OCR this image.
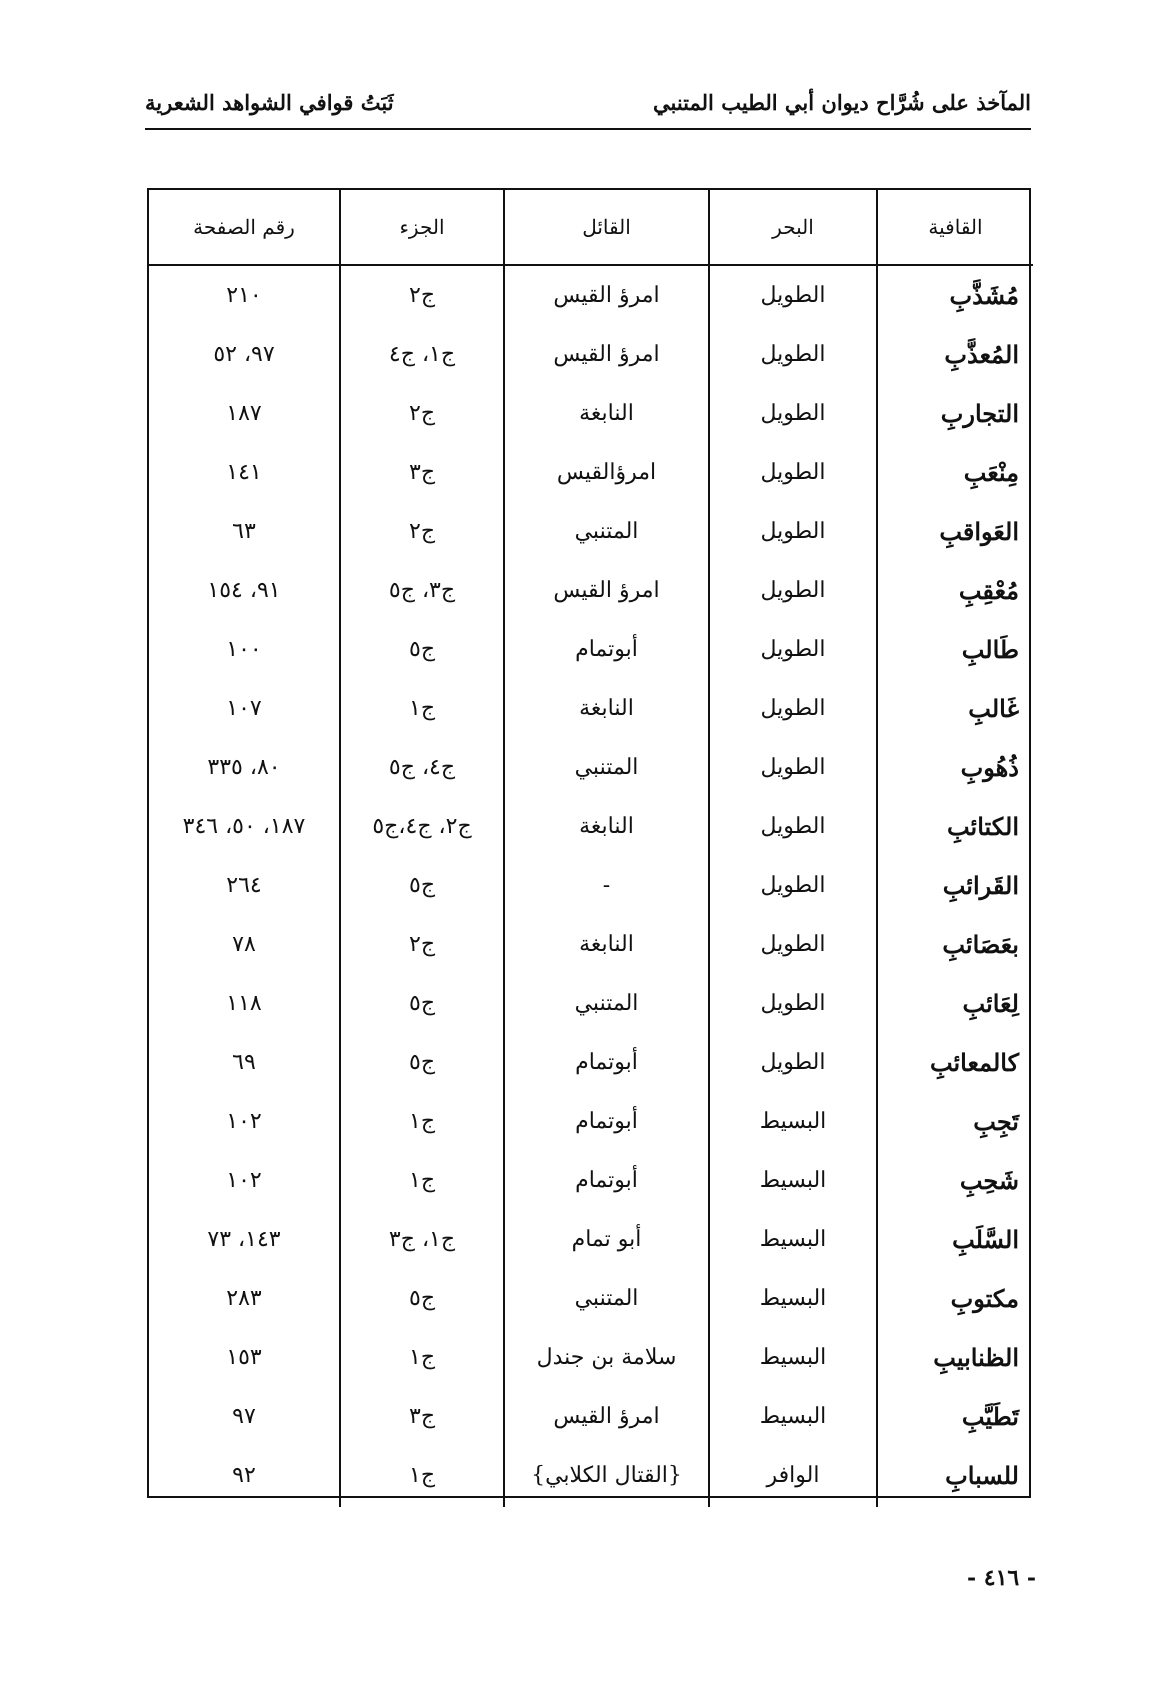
المآخذ على شُرَّاح ديوان أبي الطيب المتنبي
ثَبَتُ قوافي الشواهد الشعرية
القافية	البحر	القائل	الجزء	رقم الصفحة
مُشَذَّبِ	الطويل	امرؤ القيس	ج٢	٢١٠
المُعذَّبِ	الطويل	امرؤ القيس	ج١، ج٤	٩٧، ٥٢
التجاربِ	الطويل	النابغة	ج٢	١٨٧
مِنْعَبِ	الطويل	امرؤالقيس	ج٣	١٤١
العَواقبِ	الطويل	المتنبي	ج٢	٦٣
مُعْقِبِ	الطويل	امرؤ القيس	ج٣، ج٥	٩١، ١٥٤
طَالبِ	الطويل	أبوتمام	ج٥	١٠٠
غَالبِ	الطويل	النابغة	ج١	١٠٧
ذُهُوبِ	الطويل	المتنبي	ج٤، ج٥	٨٠، ٣٣٥
الكتائبِ	الطويل	النابغة	ج٢، ج٤،ج٥	١٨٧، ٥٠، ٣٤٦
القَرائبِ	الطويل	-	ج٥	٢٦٤
بعَصَائبِ	الطويل	النابغة	ج٢	٧٨
لِعَائبِ	الطويل	المتنبي	ج٥	١١٨
كالمعائبِ	الطويل	أبوتمام	ج٥	٦٩
تَجِبِ	البسيط	أبوتمام	ج١	١٠٢
شَحِبِ	البسيط	أبوتمام	ج١	١٠٢
السَّلَبِ	البسيط	أبو تمام	ج١، ج٣	١٤٣، ٧٣
مكتوبِ	البسيط	المتنبي	ج٥	٢٨٣
الظنابيبِ	البسيط	سلامة بن جندل	ج١	١٥٣
تَطَيَّبِ	البسيط	امرؤ القيس	ج٣	٩٧
للسبابِ	الوافر	{القتال الكلابي}	ج١	٩٢

- ٤١٦ -
